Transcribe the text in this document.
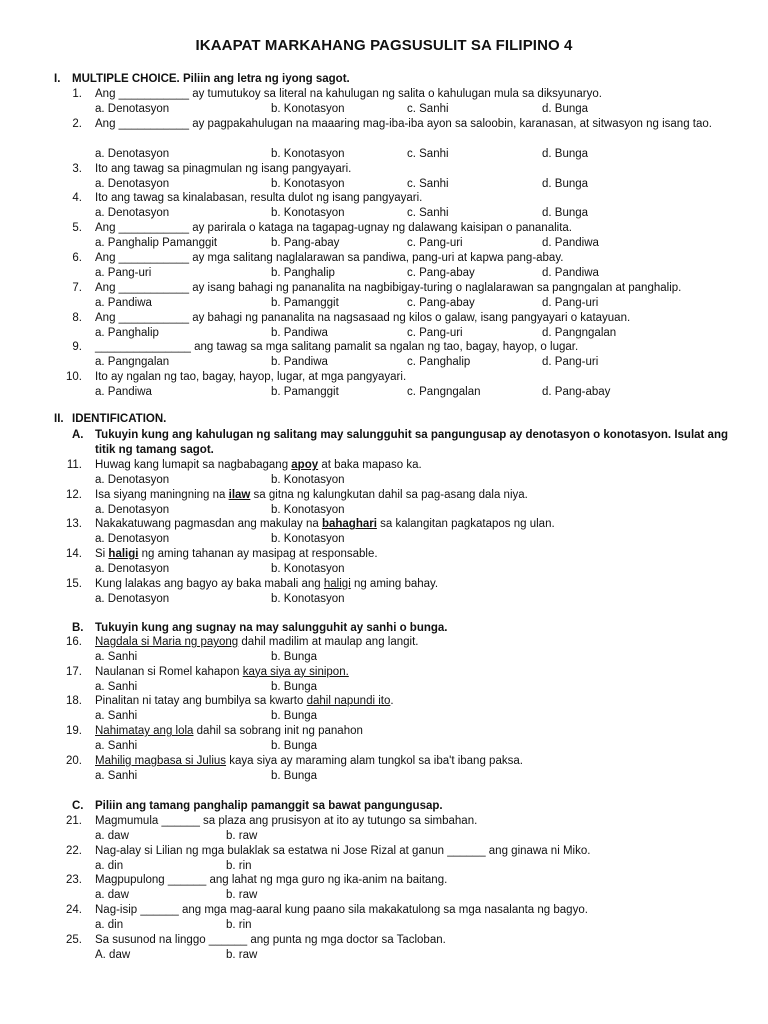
IKAAPAT MARKAHANG PAGSUSULIT SA FILIPINO 4
I. MULTIPLE CHOICE. Piliin ang letra ng iyong sagot.
1. Ang ___________ ay tumutukoy sa literal na kahulugan ng salita o kahulugan mula sa diksyunaryo.
a. Denotasyon	b. Konotasyon	c. Sanhi	d. Bunga
2. Ang ___________ ay pagpakahulugan na maaaring mag-iba-iba ayon sa saloobin, karanasan, at sitwasyon ng isang tao.
a. Denotasyon	b. Konotasyon	c. Sanhi	d. Bunga
3. Ito ang tawag sa pinagmulan ng isang pangyayari.
a. Denotasyon	b. Konotasyon	c. Sanhi	d. Bunga
4. Ito ang tawag sa kinalabasan, resulta dulot ng isang pangyayari.
a. Denotasyon	b. Konotasyon	c. Sanhi	d. Bunga
5. Ang ___________ ay parirala o kataga na tagapag-ugnay ng dalawang kaisipan o pananalita.
a. Panghalip Pamanggit	b. Pang-abay	c. Pang-uri	d. Pandiwa
6. Ang ___________ ay mga salitang naglalarawan sa pandiwa, pang-uri at kapwa pang-abay.
a. Pang-uri	b. Panghalip	c. Pang-abay	d. Pandiwa
7. Ang ___________ ay isang bahagi ng pananalita na nagbibigay-turing o naglalarawan sa pangngalan at panghalip.
a. Pandiwa	b. Pamanggit	c. Pang-abay	d. Pang-uri
8. Ang ___________ ay bahagi ng pananalita na nagsasaad ng kilos o galaw, isang pangyayari o katayuan.
a. Panghalip	b. Pandiwa	c. Pang-uri	d. Pangngalan
9. _______________ ang tawag sa mga salitang pamalit sa ngalan ng tao, bagay, hayop, o lugar.
a. Pangngalan	b. Pandiwa	c. Panghalip	d. Pang-uri
10. Ito ay ngalan ng tao, bagay, hayop, lugar, at mga pangyayari.
a. Pandiwa	b. Pamanggit	c. Pangngalan	d. Pang-abay
II. IDENTIFICATION.
A. Tukuyin kung ang kahulugan ng salitang may salungguhit sa pangungusap ay denotasyon o konotasyon. Isulat ang
titik ng tamang sagot.
11. Huwag kang lumapit sa nagbabagang apoy at baka mapaso ka.
a. Denotasyon	b. Konotasyon
12. Isa siyang maningning na ilaw sa gitna ng kalungkutan dahil sa pag-asang dala niya.
a. Denotasyon	b. Konotasyon
13. Nakakatuwang pagmasdan ang makulay na bahaghari sa kalangitan pagkatapos ng ulan.
a. Denotasyon	b. Konotasyon
14. Si haligi ng aming tahanan ay masipag at responsable.
a. Denotasyon	b. Konotasyon
15. Kung lalakas ang bagyo ay baka mabali ang haligi ng aming bahay.
a. Denotasyon	b. Konotasyon
B. Tukuyin kung ang sugnay na may salungguhit ay sanhi o bunga.
16. Nagdala si Maria ng payong dahil madilim at maulap ang langit.
a. Sanhi	b. Bunga
17. Naulanan si Romel kahapon kaya siya ay sinipon.
a. Sanhi	b. Bunga
18. Pinalitan ni tatay ang bumbilya sa kwarto dahil napundi ito.
a. Sanhi	b. Bunga
19. Nahimatay ang lola dahil sa sobrang init ng panahon
a. Sanhi	b. Bunga
20. Mahilig magbasa si Julius kaya siya ay maraming alam tungkol sa iba't ibang paksa.
a. Sanhi	b. Bunga
C. Piliin ang tamang panghalip pamanggit sa bawat pangungusap.
21. Magmumula ______ sa plaza ang prusisyon at ito ay tutungo sa simbahan.
a. daw	b. raw
22. Nag-alay si Lilian ng mga bulaklak sa estatwa ni Jose Rizal at ganun ______ ang ginawa ni Miko.
a. din	b. rin
23. Magpupulong ______ ang lahat ng mga guro ng ika-anim na baitang.
a. daw	b. raw
24. Nag-isip ______ ang mga mag-aaral kung paano sila makakatulong sa mga nasalanta ng bagyo.
a. din	b. rin
25. Sa susunod na linggo ______ ang punta ng mga doctor sa Tacloban.
A. daw	b. raw
